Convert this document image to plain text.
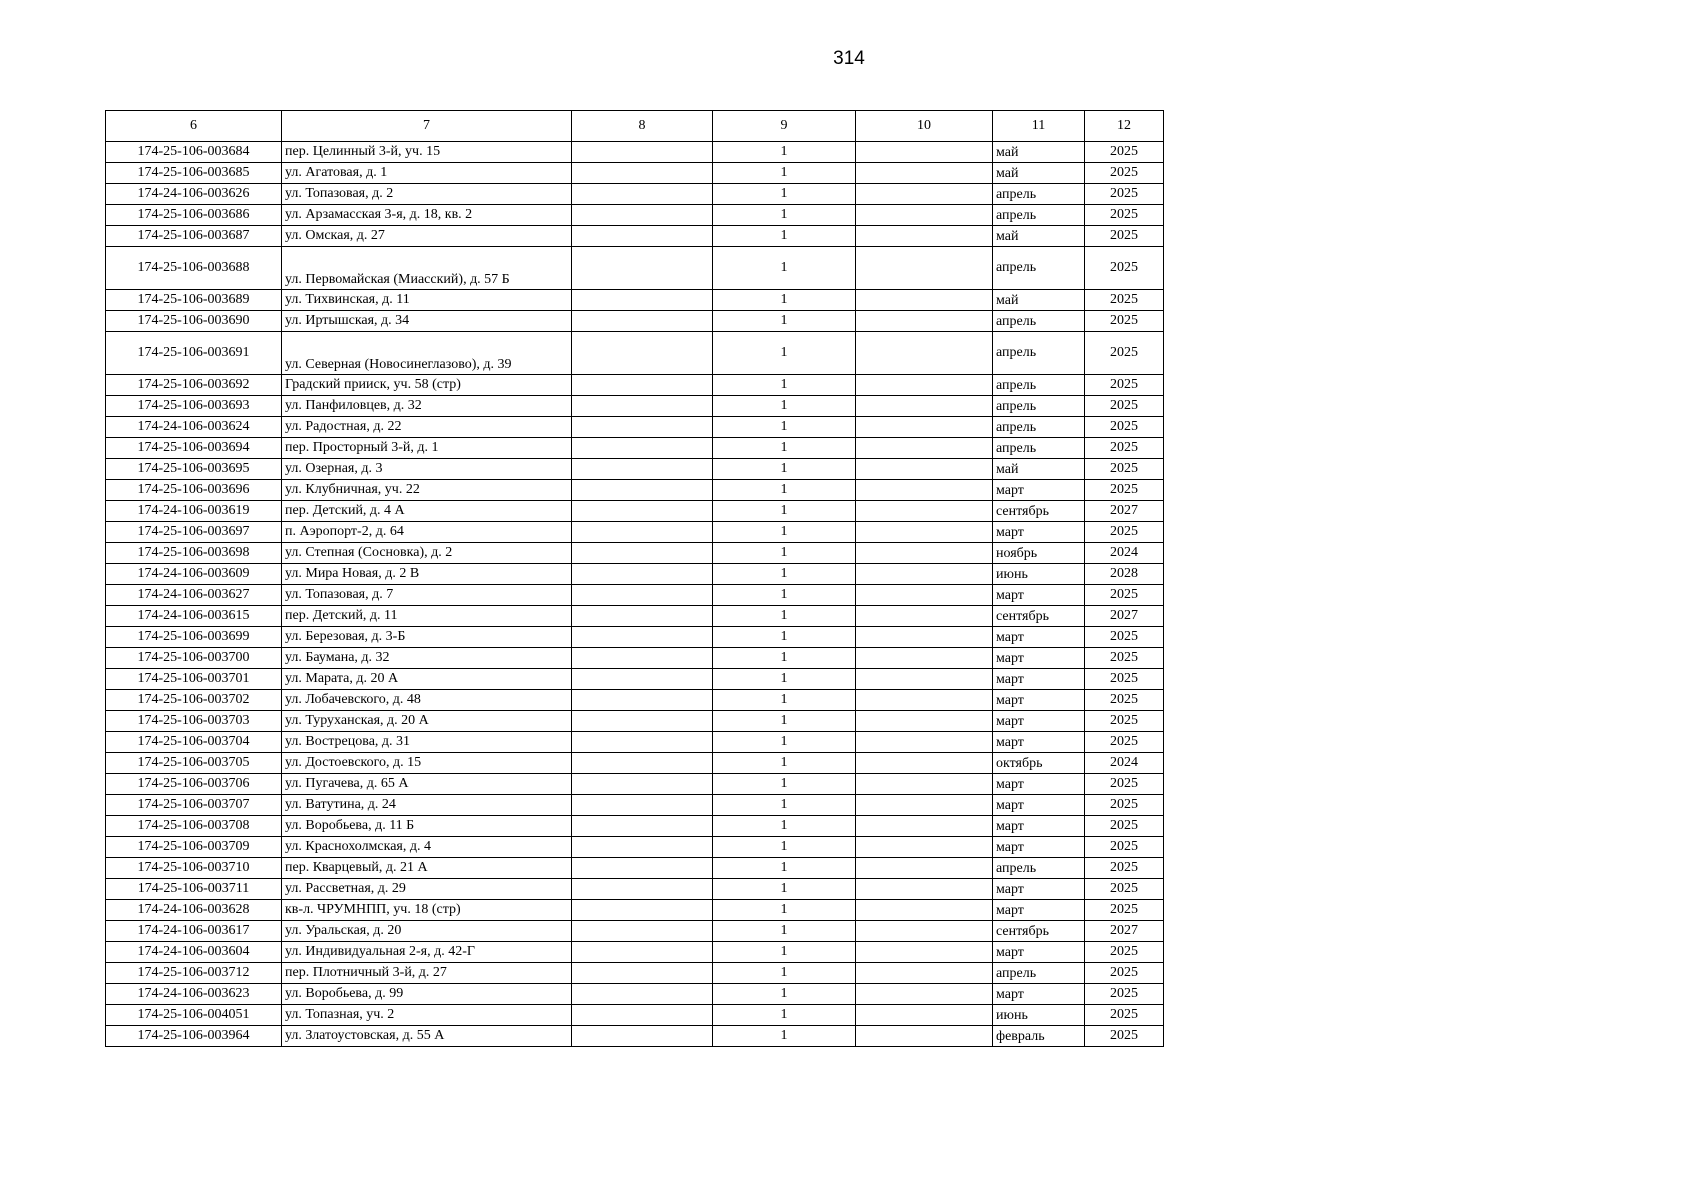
314
6	7	8	9	10	11	12
174-25-106-003684	пер. Целинный 3-й, уч. 15		1		май	2025
174-25-106-003685	ул. Агатовая, д. 1		1		май	2025
174-24-106-003626	ул. Топазовая, д. 2		1		апрель	2025
174-25-106-003686	ул. Арзамасская 3-я, д. 18, кв. 2		1		апрель	2025
174-25-106-003687	ул. Омская, д. 27		1		май	2025
174-25-106-003688	ул. Первомайская (Миасский), д. 57 Б		1		апрель	2025
174-25-106-003689	ул. Тихвинская, д. 11		1		май	2025
174-25-106-003690	ул. Иртышская, д. 34		1		апрель	2025
174-25-106-003691	ул. Северная (Новосинеглазово), д. 39		1		апрель	2025
174-25-106-003692	Градский прииск, уч. 58 (стр)		1		апрель	2025
174-25-106-003693	ул. Панфиловцев, д. 32		1		апрель	2025
174-24-106-003624	ул. Радостная, д. 22		1		апрель	2025
174-25-106-003694	пер. Просторный 3-й, д. 1		1		апрель	2025
174-25-106-003695	ул. Озерная, д. 3		1		май	2025
174-25-106-003696	ул. Клубничная, уч. 22		1		март	2025
174-24-106-003619	пер. Детский, д. 4 А		1		сентябрь	2027
174-25-106-003697	п. Аэропорт-2, д. 64		1		март	2025
174-25-106-003698	ул. Степная (Сосновка), д. 2		1		ноябрь	2024
174-24-106-003609	ул. Мира Новая, д. 2 В		1		июнь	2028
174-24-106-003627	ул. Топазовая, д. 7		1		март	2025
174-24-106-003615	пер. Детский, д. 11		1		сентябрь	2027
174-25-106-003699	ул. Березовая, д. 3-Б		1		март	2025
174-25-106-003700	ул. Баумана, д. 32		1		март	2025
174-25-106-003701	ул. Марата, д. 20 А		1		март	2025
174-25-106-003702	ул. Лобачевского, д. 48		1		март	2025
174-25-106-003703	ул. Туруханская, д. 20 А		1		март	2025
174-25-106-003704	ул. Вострецова, д. 31		1		март	2025
174-25-106-003705	ул. Достоевского, д. 15		1		октябрь	2024
174-25-106-003706	ул. Пугачева, д. 65 А		1		март	2025
174-25-106-003707	ул. Ватутина, д. 24		1		март	2025
174-25-106-003708	ул. Воробьева, д. 11 Б		1		март	2025
174-25-106-003709	ул. Краснохолмская, д. 4		1		март	2025
174-25-106-003710	пер. Кварцевый, д. 21 А		1		апрель	2025
174-25-106-003711	ул. Рассветная, д. 29		1		март	2025
174-24-106-003628	кв-л. ЧРУМНПП, уч. 18 (стр)		1		март	2025
174-24-106-003617	ул. Уральская, д. 20		1		сентябрь	2027
174-24-106-003604	ул. Индивидуальная 2-я, д. 42-Г		1		март	2025
174-25-106-003712	пер. Плотничный 3-й, д. 27		1		апрель	2025
174-24-106-003623	ул. Воробьева, д. 99		1		март	2025
174-25-106-004051	ул. Топазная, уч. 2		1		июнь	2025
174-25-106-003964	ул. Златоустовская, д. 55 А		1		февраль	2025
